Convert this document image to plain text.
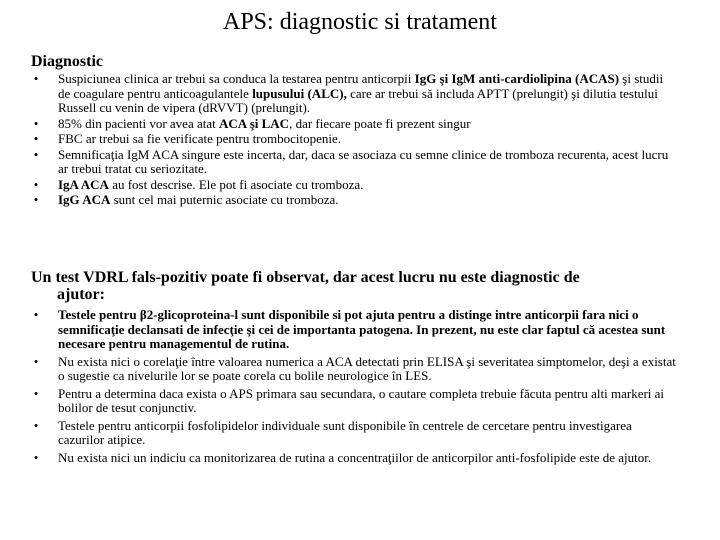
APS: diagnostic si tratament
Diagnostic
• Suspiciunea clinica ar trebui sa conduca la testarea pentru anticorpii IgG şi IgM anti-cardiolipina (ACAS) şi studii de coagulare pentru anticoagulantele lupusului (ALC), care ar trebui să includa APTT (prelungit) şi dilutia testului Russell cu venin de vipera (dRVVT) (prelungit).
• 85% din pacienti vor avea atat ACA şi LAC, dar fiecare poate fi prezent singur
• FBC ar trebui sa fie verificate pentru trombocitopenie.
• Semnificaţia IgM ACA singure este incerta, dar, daca se asociaza cu semne clinice de tromboza recurenta, acest lucru ar trebui tratat cu seriozitate.
• IgA ACA au fost descrise. Ele pot fi asociate cu tromboza.
• IgG ACA sunt cel mai puternic asociate cu tromboza.
Un test VDRL fals-pozitiv poate fi observat, dar acest lucru nu este diagnostic de
ajutor:
• Testele pentru β2-glicoproteina-l sunt disponibile si pot ajuta pentru a distinge intre anticorpii fara nici o semnificaţie declansati de infecţie şi cei de importanta patogena. In prezent, nu este clar faptul că acestea sunt necesare pentru managementul de rutina.
• Nu exista nici o corelaţie între valoarea numerica a ACA detectati prin ELISA şi severitatea simptomelor, deşi a existat o sugestie ca nivelurile lor se poate corela cu bolile neurologice în LES.
• Pentru a determina daca exista o APS primara sau secundara, o cautare completa trebuie făcuta pentru alti markeri ai bolilor de tesut conjunctiv.
• Testele pentru anticorpii fosfolipidelor individuale sunt disponibile în centrele de cercetare pentru investigarea cazurilor atipice.
• Nu exista nici un indiciu ca monitorizarea de rutina a concentraţiilor de anticorpilor anti-fosfolipide este de ajutor.
